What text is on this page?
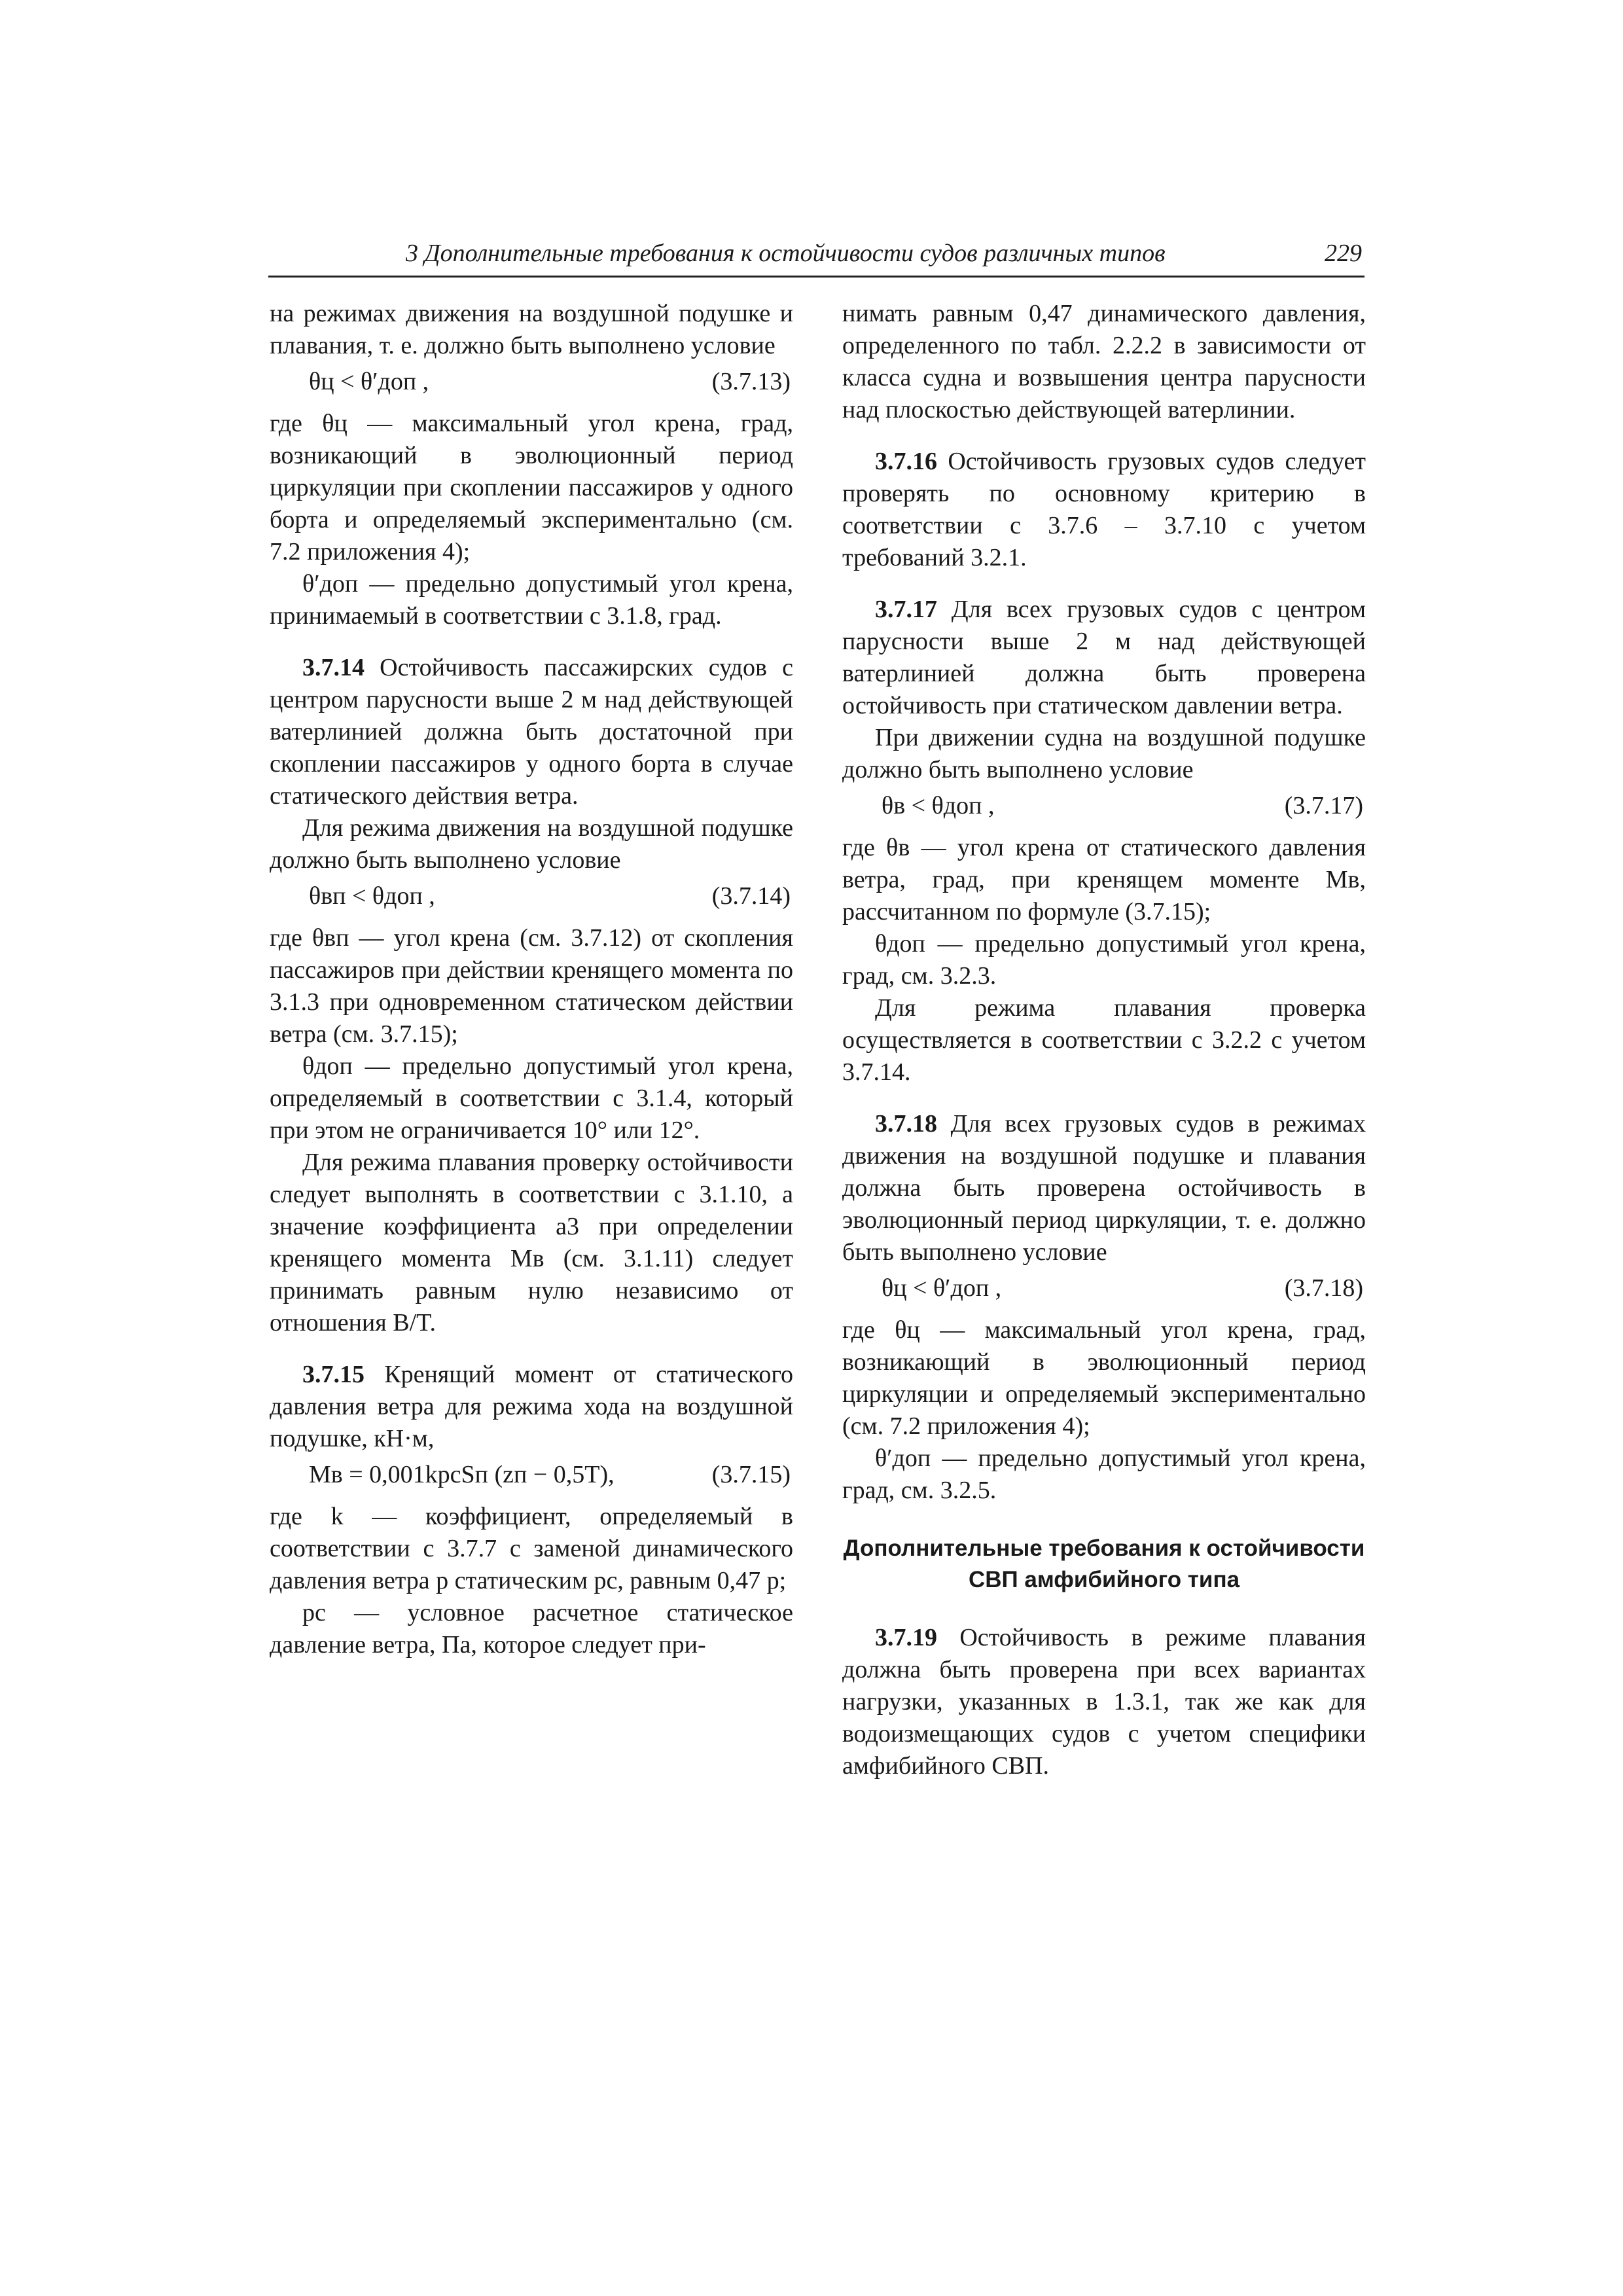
3 Дополнительные требования к остойчивости судов различных типов	229

на режимах движения на воздушной подушке и плавания, т. е. должно быть выполнено условие

θц < θ′доп ,	(3.7.13)

где θц — максимальный угол крена, град, возникающий в эволюционный период циркуляции при скоплении пассажиров у одного борта и определяемый экспериментально (см. 7.2 приложения 4);

θ′доп — предельно допустимый угол крена, принимаемый в соответствии с 3.1.8, град.

3.7.14 Остойчивость пассажирских судов с центром парусности выше 2 м над действующей ватерлинией должна быть достаточной при скоплении пассажиров у одного борта в случае статического действия ветра.

Для режима движения на воздушной подушке должно быть выполнено условие

θвп < θдоп ,	(3.7.14)

где θвп — угол крена (см. 3.7.12) от скопления пассажиров при действии кренящего момента по 3.1.3 при одновременном статическом действии ветра (см. 3.7.15);

θдоп — предельно допустимый угол крена, определяемый в соответствии с 3.1.4, который при этом не ограничивается 10° или 12°.

Для режима плавания проверку остойчивости следует выполнять в соответствии с 3.1.10, а значение коэффициента a3 при определении кренящего момента Mв (см. 3.1.11) следует принимать равным нулю независимо от отношения B/T.

3.7.15 Кренящий момент от статического давления ветра для режима хода на воздушной подушке, кН·м,

Mв = 0,001kpcSп (zп − 0,5T),	(3.7.15)

где k — коэффициент, определяемый в соответствии с 3.7.7 с заменой динамического давления ветра p статическим pc, равным 0,47 p;

pc — условное расчетное статическое давление ветра, Па, которое следует при-

нимать равным 0,47 динамического давления, определенного по табл. 2.2.2 в зависимости от класса судна и возвышения центра парусности над плоскостью действующей ватерлинии.

3.7.16 Остойчивость грузовых судов следует проверять по основному критерию в соответствии с 3.7.6 – 3.7.10 с учетом требований 3.2.1.

3.7.17 Для всех грузовых судов с центром парусности выше 2 м над действующей ватерлинией должна быть проверена остойчивость при статическом давлении ветра.

При движении судна на воздушной подушке должно быть выполнено условие

θв < θдоп ,	(3.7.17)

где θв — угол крена от статического давления ветра, град, при кренящем моменте Mв, рассчитанном по формуле (3.7.15);

θдоп — предельно допустимый угол крена, град, см. 3.2.3.

Для режима плавания проверка осуществляется в соответствии с 3.2.2 с учетом 3.7.14.

3.7.18 Для всех грузовых судов в режимах движения на воздушной подушке и плавания должна быть проверена остойчивость в эволюционный период циркуляции, т. е. должно быть выполнено условие

θц < θ′доп ,	(3.7.18)

где θц — максимальный угол крена, град, возникающий в эволюционный период циркуляции и определяемый экспериментально (см. 7.2 приложения 4);

θ′доп — предельно допустимый угол крена, град, см. 3.2.5.

Дополнительные требования к остойчивости СВП амфибийного типа

3.7.19 Остойчивость в режиме плавания должна быть проверена при всех вариантах нагрузки, указанных в 1.3.1, так же как для водоизмещающих судов с учетом специфики амфибийного СВП.
